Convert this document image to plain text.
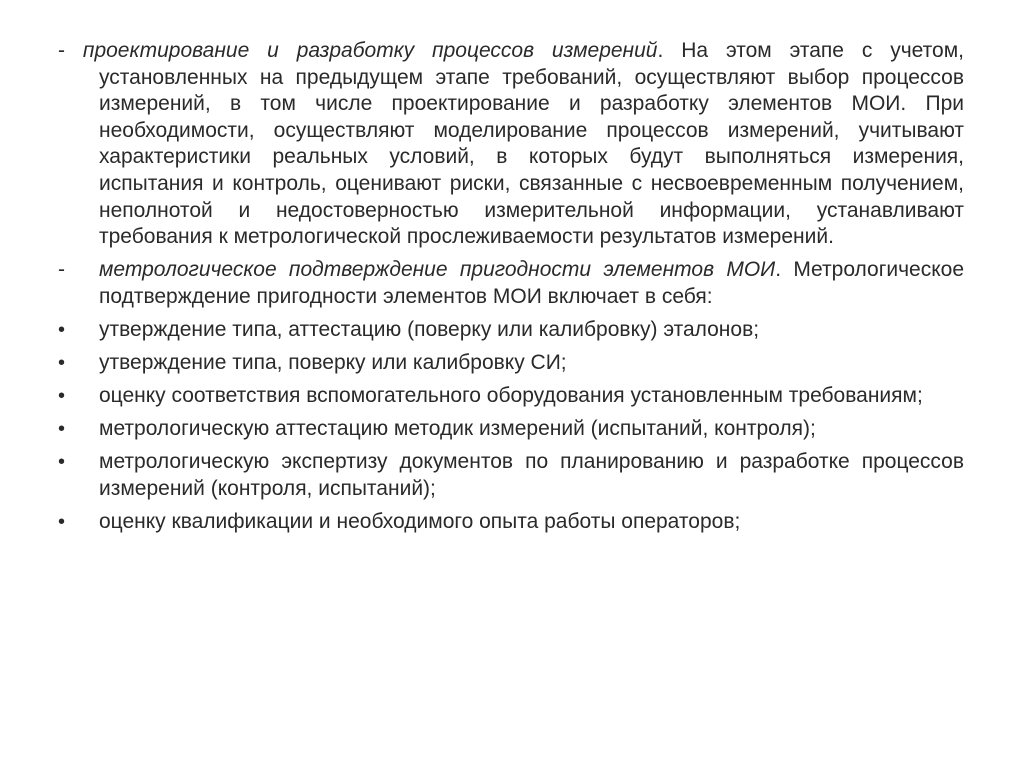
- проектирование и разработку процессов измерений. На этом этапе с учетом, установленных на предыдущем этапе требований, осуществляют выбор процессов измерений, в том числе проектирование и разработку элементов МОИ. При необходимости, осуществляют моделирование процессов измерений, учитывают характеристики реальных условий, в которых будут выполняться измерения, испытания и контроль, оценивают риски, связанные с несвоевременным получением, неполнотой и недостоверностью измерительной информации, устанавливают требования к метрологической прослеживаемости результатов измерений.
-	метрологическое подтверждение пригодности элементов МОИ. Метрологическое подтверждение пригодности элементов МОИ включает в себя:
•	утверждение типа, аттестацию (поверку или калибровку) эталонов;
•	утверждение типа, поверку или калибровку СИ;
•	оценку соответствия вспомогательного оборудования установленным требованиям;
•	метрологическую аттестацию методик измерений (испытаний, контроля);
•	метрологическую экспертизу документов по планированию и разработке процессов измерений (контроля, испытаний);
•	оценку квалификации и необходимого опыта работы операторов;
